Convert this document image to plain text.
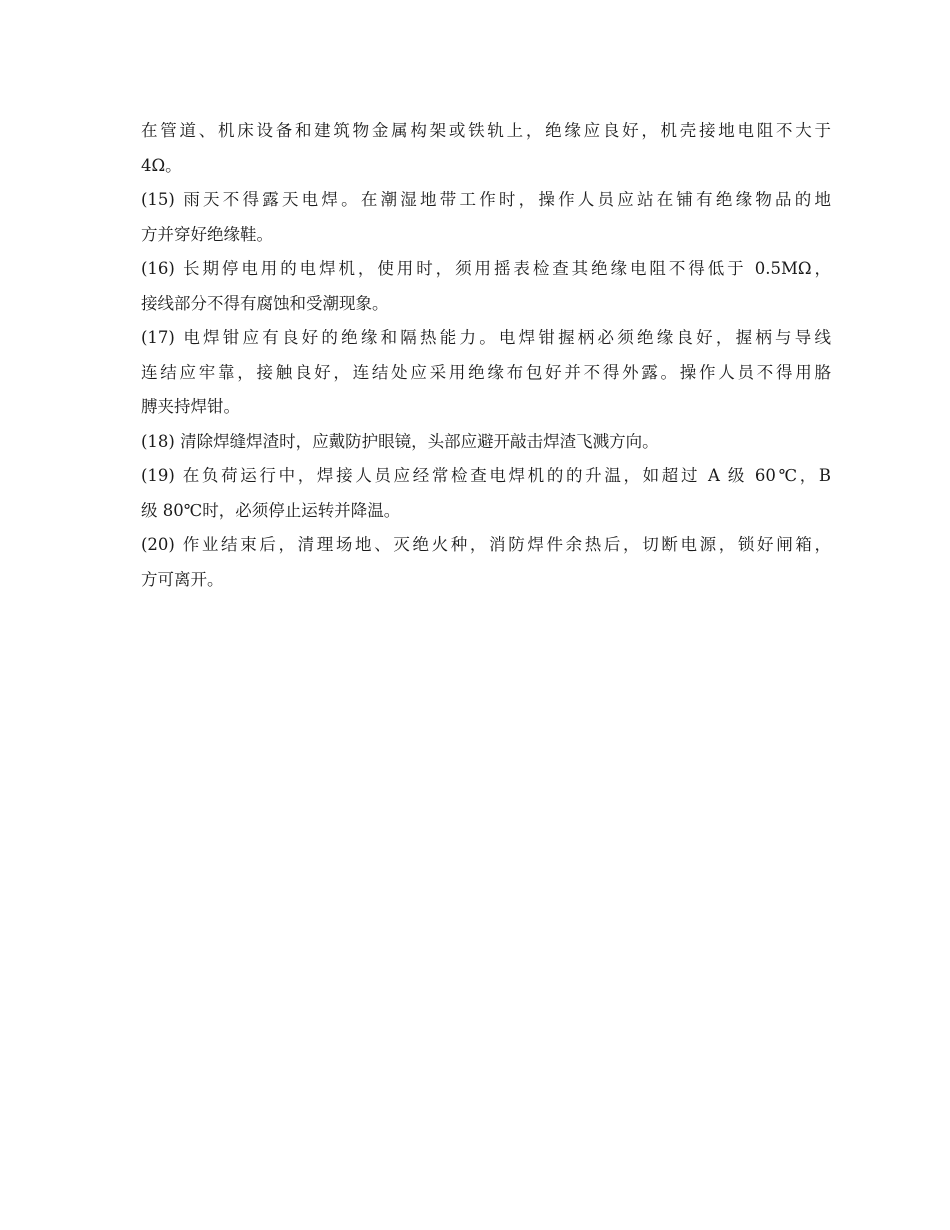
在管道、机床设备和建筑物金属构架或铁轨上，绝缘应良好，机壳接地电阻不大于
4Ω。
(15) 雨天不得露天电焊。在潮湿地带工作时，操作人员应站在铺有绝缘物品的地
方并穿好绝缘鞋。
(16) 长期停电用的电焊机，使用时，须用摇表检查其绝缘电阻不得低于 0.5MΩ，
接线部分不得有腐蚀和受潮现象。
(17) 电焊钳应有良好的绝缘和隔热能力。电焊钳握柄必须绝缘良好，握柄与导线
连结应牢靠，接触良好，连结处应采用绝缘布包好并不得外露。操作人员不得用胳
膊夹持焊钳。
(18) 清除焊缝焊渣时，应戴防护眼镜，头部应避开敲击焊渣飞溅方向。
(19) 在负荷运行中，焊接人员应经常检查电焊机的的升温，如超过 A 级 60℃，B
级 80℃时，必须停止运转并降温。
(20) 作业结束后，清理场地、灭绝火种，消防焊件余热后，切断电源，锁好闸箱，
方可离开。
